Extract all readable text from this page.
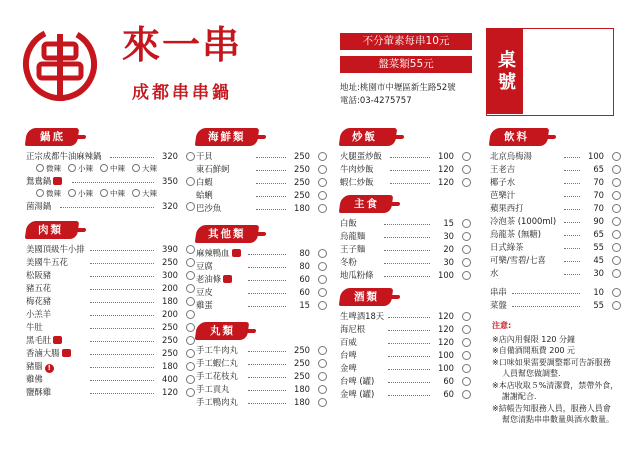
來一串
成都串串鍋
不分葷素每串10元
盤菜類55元
地址:桃園市中壢區新生路52號
電話:03-4275757
桌號
鍋底
正宗成都牛油麻辣鍋	320
微辣	小辣	中辣	大辣
鴛鴦鍋	350
微辣	小辣	中辣	大辣
菌湯鍋	320
肉類
美國頂級牛小排	390
美國牛五花	250
松阪豬	300
豬五花	200
梅花豬	180
小羔羊	200
牛肚	250
黑毛肚	250
香滷大腸	250
豬腦 !	180
雞佛	400
鹽酥雞	120
海鮮類
干貝	250
東石鮮蚵	250
白蝦	250
蛤蜊	250
巴沙魚	180
其他類
麻辣鴨血	80
豆腐	80
老油條	60
豆皮	60
雞蛋	15
丸類
手工牛肉丸	250
手工蝦仁丸	250
手工花枝丸	250
手工貢丸	180
手工鴨肉丸	180
炒飯
火腿蛋炒飯	100
牛肉炒飯	120
蝦仁炒飯	120
主食
白飯	15
烏龍麵	30
王子麵	20
冬粉	30
地瓜粉條	100
酒類
生啤酒18天	120
海尼根	120
百威	120
台啤	100
金啤	100
台啤 (罐)	60
金啤 (罐)	60
飲料
北京烏梅湯	100
王老吉	65
椰子水	70
芭樂汁	70
蘋果西打	70
冷泡茶 (1000ml)	90
烏龍茶 (無糖)	65
日式綠茶	55
可樂/雪碧/七喜	45
水	30
串串	10
菜盤	55
注意:
※店內用餐限 120 分鐘
※自備酒開瓶費 200 元
※口味如果需要調整都可告訴服務
人員幫您做調整.
※本店收取５%清潔費，禁帶外食，
謝謝配合.
※結帳告知服務人員，服務人員會
幫您清點串串數量與酒水數量。
